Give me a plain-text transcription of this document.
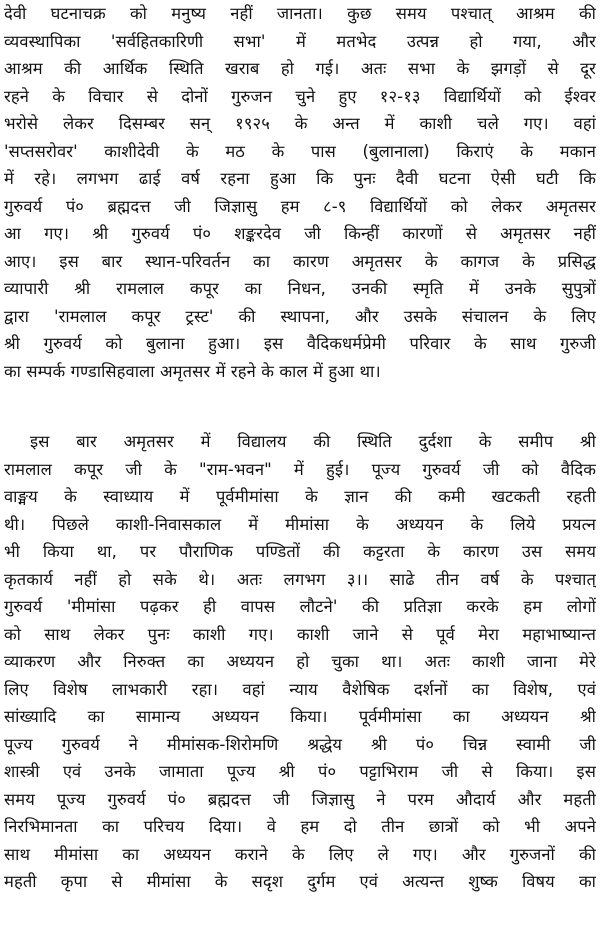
देवी घटनाचक्र को मनुष्य नहीं जानता। कुछ समय पश्चात् आश्रम की
व्यवस्थापिका 'सर्वहितकारिणी सभा' में मतभेद उत्पन्न हो गया, और
आश्रम की आर्थिक स्थिति खराब हो गई। अतः सभा के झगड़ों से दूर
रहने के विचार से दोनों गुरुजन चुने हुए १२-१३ विद्यार्थियों को ईश्वर
भरोसे लेकर दिसम्बर सन् १९२५ के अन्त में काशी चले गए। वहां
'सप्तसरोवर' काशीदेवी के मठ के पास (बुलानाला) किराएं के मकान
में रहे। लगभग ढाई वर्ष रहना हुआ कि पुनः दैवी घटना ऐसी घटी कि
गुरुवर्य पं० ब्रह्मदत्त जी जिज्ञासु हम ८-९ विद्यार्थियों को लेकर अमृतसर
आ गए। श्री गुरुवर्य पं० शङ्करदेव जी किन्हीं कारणों से अमृतसर नहीं
आए। इस बार स्थान-परिवर्तन का कारण अमृतसर के कागज के प्रसिद्ध
व्यापारी श्री रामलाल कपूर का निधन, उनकी स्मृति में उनके सुपुत्रों
द्वारा 'रामलाल कपूर ट्रस्ट' की स्थापना, और उसके संचालन के लिए
श्री गुरुवर्य को बुलाना हुआ। इस वैदिकधर्मप्रेमी परिवार के साथ गुरुजी
का सम्पर्क गण्डासिहवाला अमृतसर में रहने के काल में हुआ था।
इस बार अमृतसर में विद्यालय की स्थिति दुर्दशा के समीप श्री
रामलाल कपूर जी के "राम-भवन" में हुई। पूज्य गुरुवर्य जी को वैदिक
वाङ्मय के स्वाध्याय में पूर्वमीमांसा के ज्ञान की कमी खटकती रहती
थी। पिछले काशी-निवासकाल में मीमांसा के अध्ययन के लिये प्रयत्न
भी किया था, पर पौराणिक पण्डितों की कट्टरता के कारण उस समय
कृतकार्य नहीं हो सके थे। अतः लगभग ३।। साढे तीन वर्ष के पश्चात्
गुरुवर्य 'मीमांसा पढ़कर ही वापस लौटने' की प्रतिज्ञा करके हम लोगों
को साथ लेकर पुनः काशी गए। काशी जाने से पूर्व मेरा महाभाष्यान्त
व्याकरण और निरुक्त का अध्ययन हो चुका था। अतः काशी जाना मेरे
लिए विशेष लाभकारी रहा। वहां न्याय वैशेषिक दर्शनों का विशेष, एवं
सांख्यादि का सामान्य अध्ययन किया। पूर्वमीमांसा का अध्ययन श्री
पूज्य गुरुवर्य ने मीमांसक-शिरोमणि श्रद्धेय श्री पं० चिन्न स्वामी जी
शास्त्री एवं उनके जामाता पूज्य श्री पं० पट्टाभिराम जी से किया। इस
समय पूज्य गुरुवर्य पं० ब्रह्मदत्त जी जिज्ञासु ने परम औदार्य और महती
निरभिमानता का परिचय दिया। वे हम दो तीन छात्रों को भी अपने
साथ मीमांसा का अध्ययन कराने के लिए ले गए। और गुरुजनों की
महती कृपा से मीमांसा के सदृश दुर्गम एवं अत्यन्त शुष्क विषय का
